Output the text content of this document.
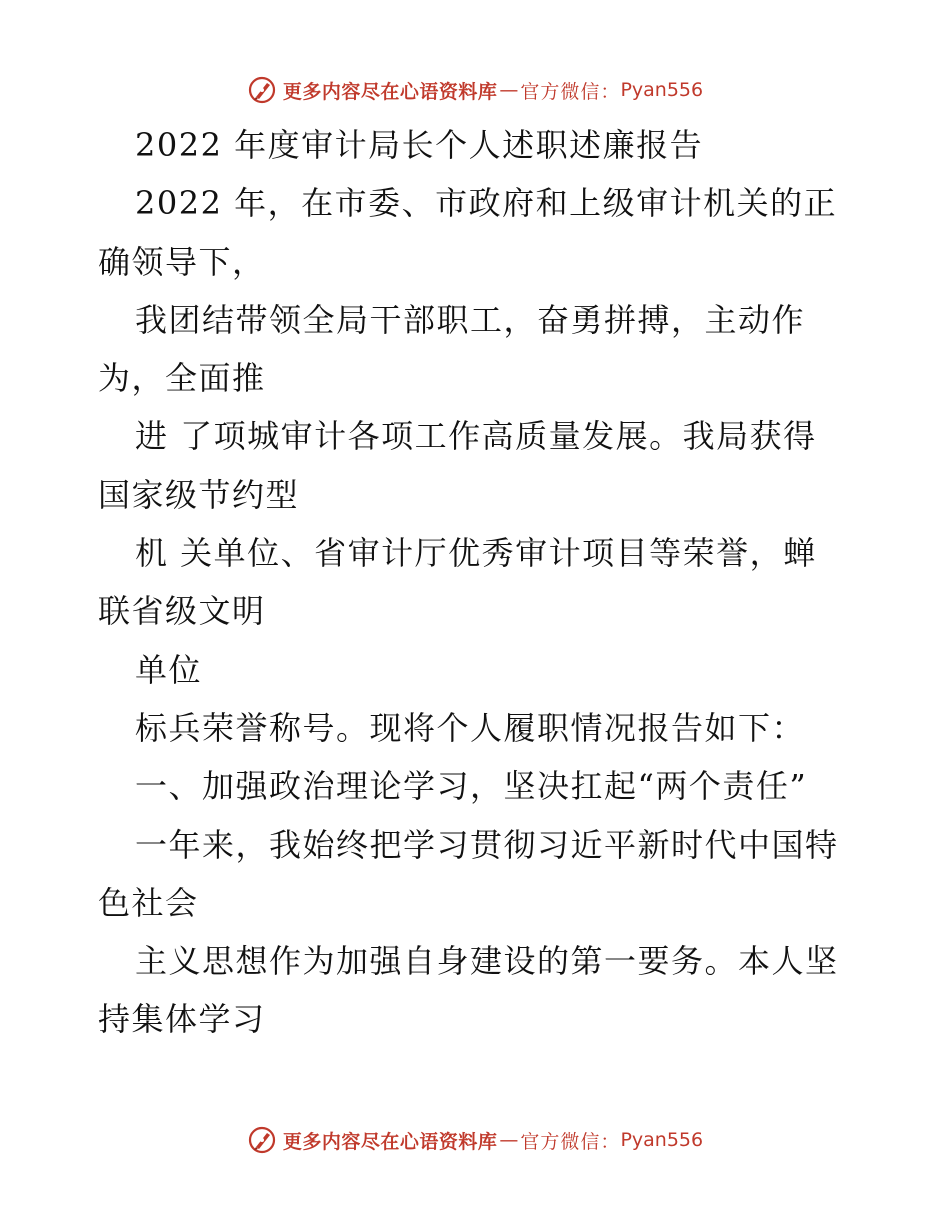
更多内容尽在心语资料库 — 官方微信： Pyan556
2022 年度审计局长个人述职述廉报告
2022 年，在市委、市政府和上级审计机关的正
确领导下，
我团结带领全局干部职工，奋勇拼搏，主动作
为，全面推
进 了项城审计各项工作高质量发展。我局获得
国家级节约型
机 关单位、省审计厅优秀审计项目等荣誉，蝉
联省级文明
单位
标兵荣誉称号。现将个人履职情况报告如下：
一、加强政治理论学习，坚决扛起“两个责任”
一年来，我始终把学习贯彻习近平新时代中国特
色社会
主义思想作为加强自身建设的第一要务。本人坚
持集体学习
更多内容尽在心语资料库 — 官方微信： Pyan556
